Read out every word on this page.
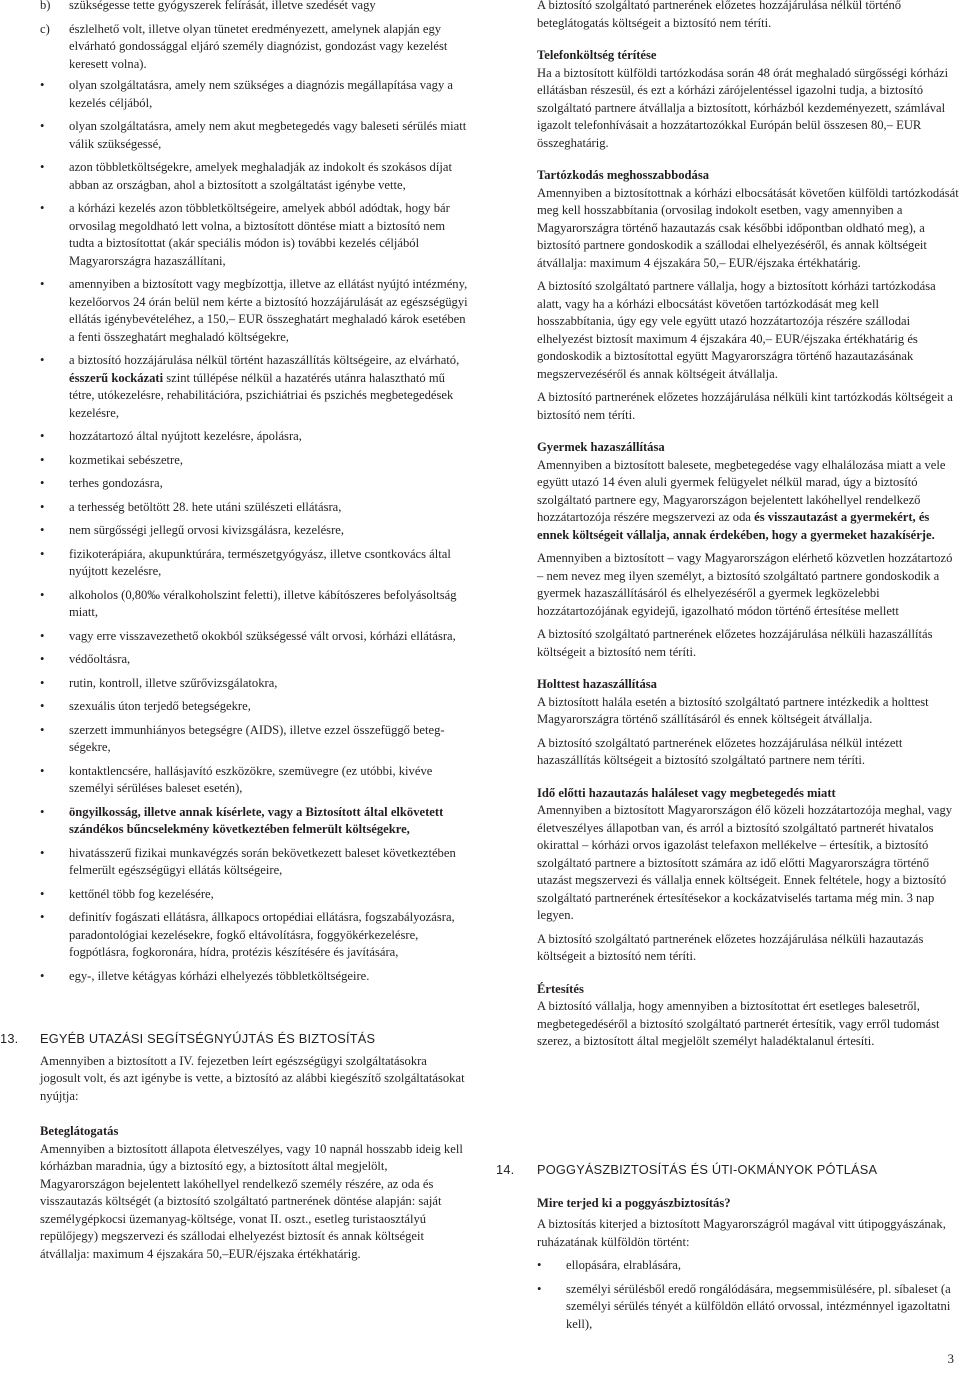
b) szükségesse tette gyógyszerek felírását, illetve szedését vagy
c) észlelhető volt, illetve olyan tünetet eredményezett, amelynek alapján egy elvárható gondossággal eljáró személy diagnózist, gondozást vagy kezelést keresett volna).
• olyan szolgáltatásra, amely nem szükséges a diagnózis megállapítása vagy a kezelés céljából,
• olyan szolgáltatásra, amely nem akut megbetegedés vagy baleseti sérülés miatt válik szükségessé,
• azon többletköltségekre, amelyek meghaladják az indokolt és szokásos díjat abban az országban, ahol a biztosított a szolgáltatást igénybe vette,
• a kórházi kezelés azon többletköltségeire, amelyek abból adódtak, hogy bár orvosilag megoldható lett volna, a biztosított döntése miatt a biztosító nem tudta a biztosítottat (akár speciális módon is) további kezelés céljából Magyarországra hazaszállítani,
• amennyiben a biztosított vagy megbízottja, illetve az ellátást nyújtó intézmény, kezelőorvos 24 órán belül nem kérte a biztosító hozzájárulását az egészségügyi ellátás igénybevételéhez, a 150,– EUR összeghatárt meghaladó károk esetében a fenti összeghatárt meghaladó költségekre,
• a biztosító hozzájárulása nélkül történt hazaszállítás költségeire, az elvárható, ésszerű kockázati szint túllépése nélkül a hazatérés utánra halasztható mű tétre, utókezelésre, rehabilitációra, pszichiátriai és pszichés megbetegedések kezelésre,
• hozzátartozó által nyújtott kezelésre, ápolásra,
• kozmetikai sebészetre,
• terhes gondozásra,
• a terhesség betöltött 28. hete utáni szülészeti ellátásra,
• nem sürgősségi jellegű orvosi kivizsgálásra, kezelésre,
• fizikoterápiára, akupunktúrára, természetgyógyász, illetve csontkovács által nyújtott kezelésre,
• alkoholos (0,80‰ véralkoholszint feletti), illetve kábítószeres befolyásoltság miatt,
• vagy erre visszavezethető okokból szükségessé vált orvosi, kórházi ellátásra,
• védőoltásra,
• rutin, kontroll, illetve szűrővizsgálatokra,
• szexuális úton terjedő betegségekre,
• szerzett immunhiányos betegségre (AIDS), illetve ezzel összefüggő beteg-ségekre,
• kontaktlencsére, hallásjavító eszközökre, szemüvegre (ez utóbbi, kivéve személyi sérüléses baleset esetén),
• öngyilkosság, illetve annak kísérlete, vagy a Biztosított által elkövetett szándékos bűncselekmény következtében felmerült költségekre,
• hivatásszerű fizikai munkavégzés során bekövetkezett baleset következtében felmerült egészségügyi ellátás költségeire,
• kettőnél több fog kezelésére,
• definitív fogászati ellátásra, állkapocs ortopédiai ellátásra, fogszabályozásra, paradontológiai kezelésekre, fogkő eltávolításra, foggyökérkezelésre, fogpótlásra, fogkoronára, hídra, protézis készítésére és javítására,
• egy-, illetve kétágyas kórházi elhelyezés többletköltségeire.
13. EGYÉB UTAZÁSI SEGÍTSÉGNYÚJTÁS ÉS BIZTOSÍTÁS

Amennyiben a biztosított a IV. fejezetben leírt egészségügyi szolgáltatásokra jogosult volt, és azt igénybe is vette, a biztosító az alábbi kiegészítő szolgáltatásokat nyújtja:

Beteglátogatás

Amennyiben a biztosított állapota életveszélyes, vagy 10 napnál hosszabb ideig kell kórházban maradnia, úgy a biztosító egy, a biztosított által megjelölt, Magyarországon bejelentett lakóhellyel rendelkező személy részére, az oda és visszautazás költségét (a biztosító szolgáltató partnerének döntése alapján: saját személygépkocsi üzemanyag-költsége, vonat II. oszt., esetleg turistaosztályú repülőjegy) megszervezi és szállodai elhelyezést biztosít és annak költségeit átvállalja: maximum 4 éjszakára 50,–EUR/éjszaka értékhatárig.

A biztosító szolgáltató partnerének előzetes hozzájárulása nélkül történő beteglátogatás költségeit a biztosító nem téríti.

Telefonköltség térítése

Ha a biztosított külföldi tartózkodása során 48 órát meghaladó sürgősségi kórházi ellátásban részesül, és ezt a kórházi zárójelentéssel igazolni tudja, a biztosító szolgáltató partnere átvállalja a biztosított, kórházból kezdeményezett, számlával igazolt telefonhívásait a hozzátartozókkal Európán belül összesen 80,– EUR összeghatárig.

Tartózkodás meghosszabbodása

Amennyiben a biztosítottnak a kórházi elbocsátását követően külföldi tartózkodását meg kell hosszabbítania (orvosilag indokolt esetben, vagy amennyiben a Magyarországra történő hazautazás csak későbbi időpontban oldható meg), a biztosító partnere gondoskodik a szállodai elhelyezéséről, és annak költségeit átvállalja: maximum 4 éjszakára 50,– EUR/éjszaka értékhatárig.

A biztosító szolgáltató partnere vállalja, hogy a biztosított kórházi tartózkodása alatt, vagy ha a kórházi elbocsátást követően tartózkodását meg kell hosszabbítania, úgy egy vele együtt utazó hozzátartozója részére szállodai elhelyezést biztosít maximum 4 éjszakára 40,– EUR/éjszaka értékhatárig és gondoskodik a biztosítottal együtt Magyarországra történő hazautazásának megszervezéséről és annak költségeit átvállalja.

A biztosító partnerének előzetes hozzájárulása nélküli kint tartózkodás költségeit a biztosító nem téríti.

Gyermek hazaszállítása

Amennyiben a biztosított balesete, megbetegedése vagy elhalálozása miatt a vele együtt utazó 14 éven aluli gyermek felügyelet nélkül marad, úgy a biztosító szolgáltató partnere egy, Magyarországon bejelentett lakóhellyel rendelkező hozzátartozója részére megszervezi az oda és visszautazást a gyermekért, és ennek költségeit vállalja, annak érdekében, hogy a gyermeket hazakísérje.

Amennyiben a biztosított – vagy Magyarországon elérhető közvetlen hozzátartozó – nem nevez meg ilyen személyt, a biztosító szolgáltató partnere gondoskodik a gyermek hazaszállításáról és elhelyezéséről a gyermek legközelebbi hozzátartozójának egyidejű, igazolható módon történő értesítése mellett

A biztosító szolgáltató partnerének előzetes hozzájárulása nélküli hazaszállítás költségeit a biztosító nem téríti.

Holttest hazaszállítása

A biztosított halála esetén a biztosító szolgáltató partnere intézkedik a holttest Magyarországra történő szállításáról és ennek költségeit átvállalja.

A biztosító szolgáltató partnerének előzetes hozzájárulása nélkül intézett hazaszállítás költségeit a biztosító szolgáltató partnere nem téríti.

Idő előtti hazautazás haláleset vagy megbetegedés miatt

Amennyiben a biztosított Magyarországon élő közeli hozzátartozója meghal, vagy életveszélyes állapotban van, és arról a biztosító szolgáltató partnerét hivatalos okirattal – kórházi orvos igazolást telefaxon mellékelve – értesítik, a biztosító szolgáltató partnere a biztosított számára az idő előtti Magyarországra történő utazást megszervezi és vállalja ennek költségeit. Ennek feltétele, hogy a biztosító szolgáltató partnerének értesítésekor a kockázatviselés tartama még min. 3 nap legyen.

A biztosító szolgáltató partnerének előzetes hozzájárulása nélküli hazautazás költségeit a biztosító nem téríti.

Értesítés

A biztosító vállalja, hogy amennyiben a biztosítottat ért esetleges balesetről, megbetegedéséről a biztosító szolgáltató partnerét értesítik, vagy erről tudomást szerez, a biztosított által megjelölt személyt haladéktalanul értesíti.

14. POGGYÁSZBIZTOSÍTÁS ÉS ÚTI-OKMÁNYOK PÓTLÁSA

Mire terjed ki a poggyászbiztosítás?

A biztosítás kiterjed a biztosított Magyarországról magával vitt útipoggyászának, ruházatának külföldön történt:

• ellopására, elrablására,
• személyi sérülésből eredő rongálódására, megsemmisülésére, pl. síbaleset (a személyi sérülés tényét a külföldön ellátó orvossal, intézménnyel igazoltatni kell),
3
